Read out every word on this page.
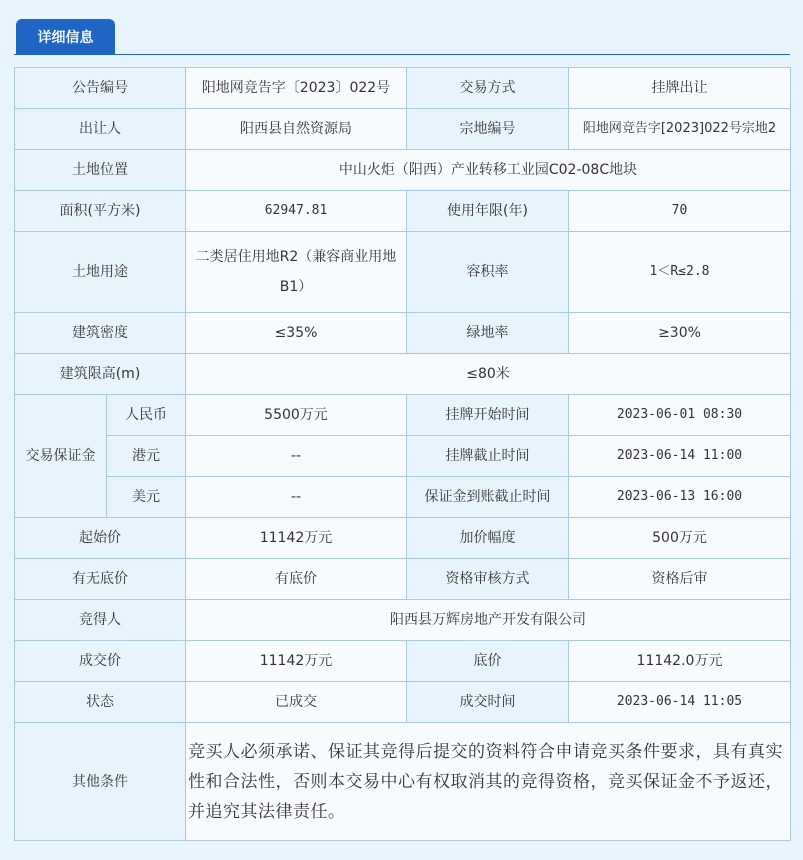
详细信息
公告编号		阳地网竞告字〔2023〕022号	交易方式	挂牌出让
出让人		阳西县自然资源局	宗地编号	阳地网竞告字[2023]022号宗地2
土地位置		中山火炬（阳西）产业转移工业园C02-08C地块		
面积(平方米)		62947.81	使用年限(年)	70
土地用途		二类居住用地R2（兼容商业用地B1）	容积率	1＜R≤2.8
建筑密度		≤35%	绿地率	≥30%
建筑限高(m)		≤80米		
交易保证金	人民币	5500万元	挂牌开始时间	2023-06-01 08:30
	港元	--	挂牌截止时间	2023-06-14 11:00
	美元	--	保证金到账截止时间	2023-06-13 16:00
起始价		11142万元	加价幅度	500万元
有无底价		有底价	资格审核方式	资格后审
竞得人		阳西县万辉房地产开发有限公司		
成交价		11142万元	底价	11142.0万元
状态		已成交	成交时间	2023-06-14 11:05
其他条件		竞买人必须承诺、保证其竞得后提交的资料符合申请竞买条件要求，具有真实性和合法性，否则本交易中心有权取消其的竞得资格，竞买保证金不予返还，并追究其法律责任。		
